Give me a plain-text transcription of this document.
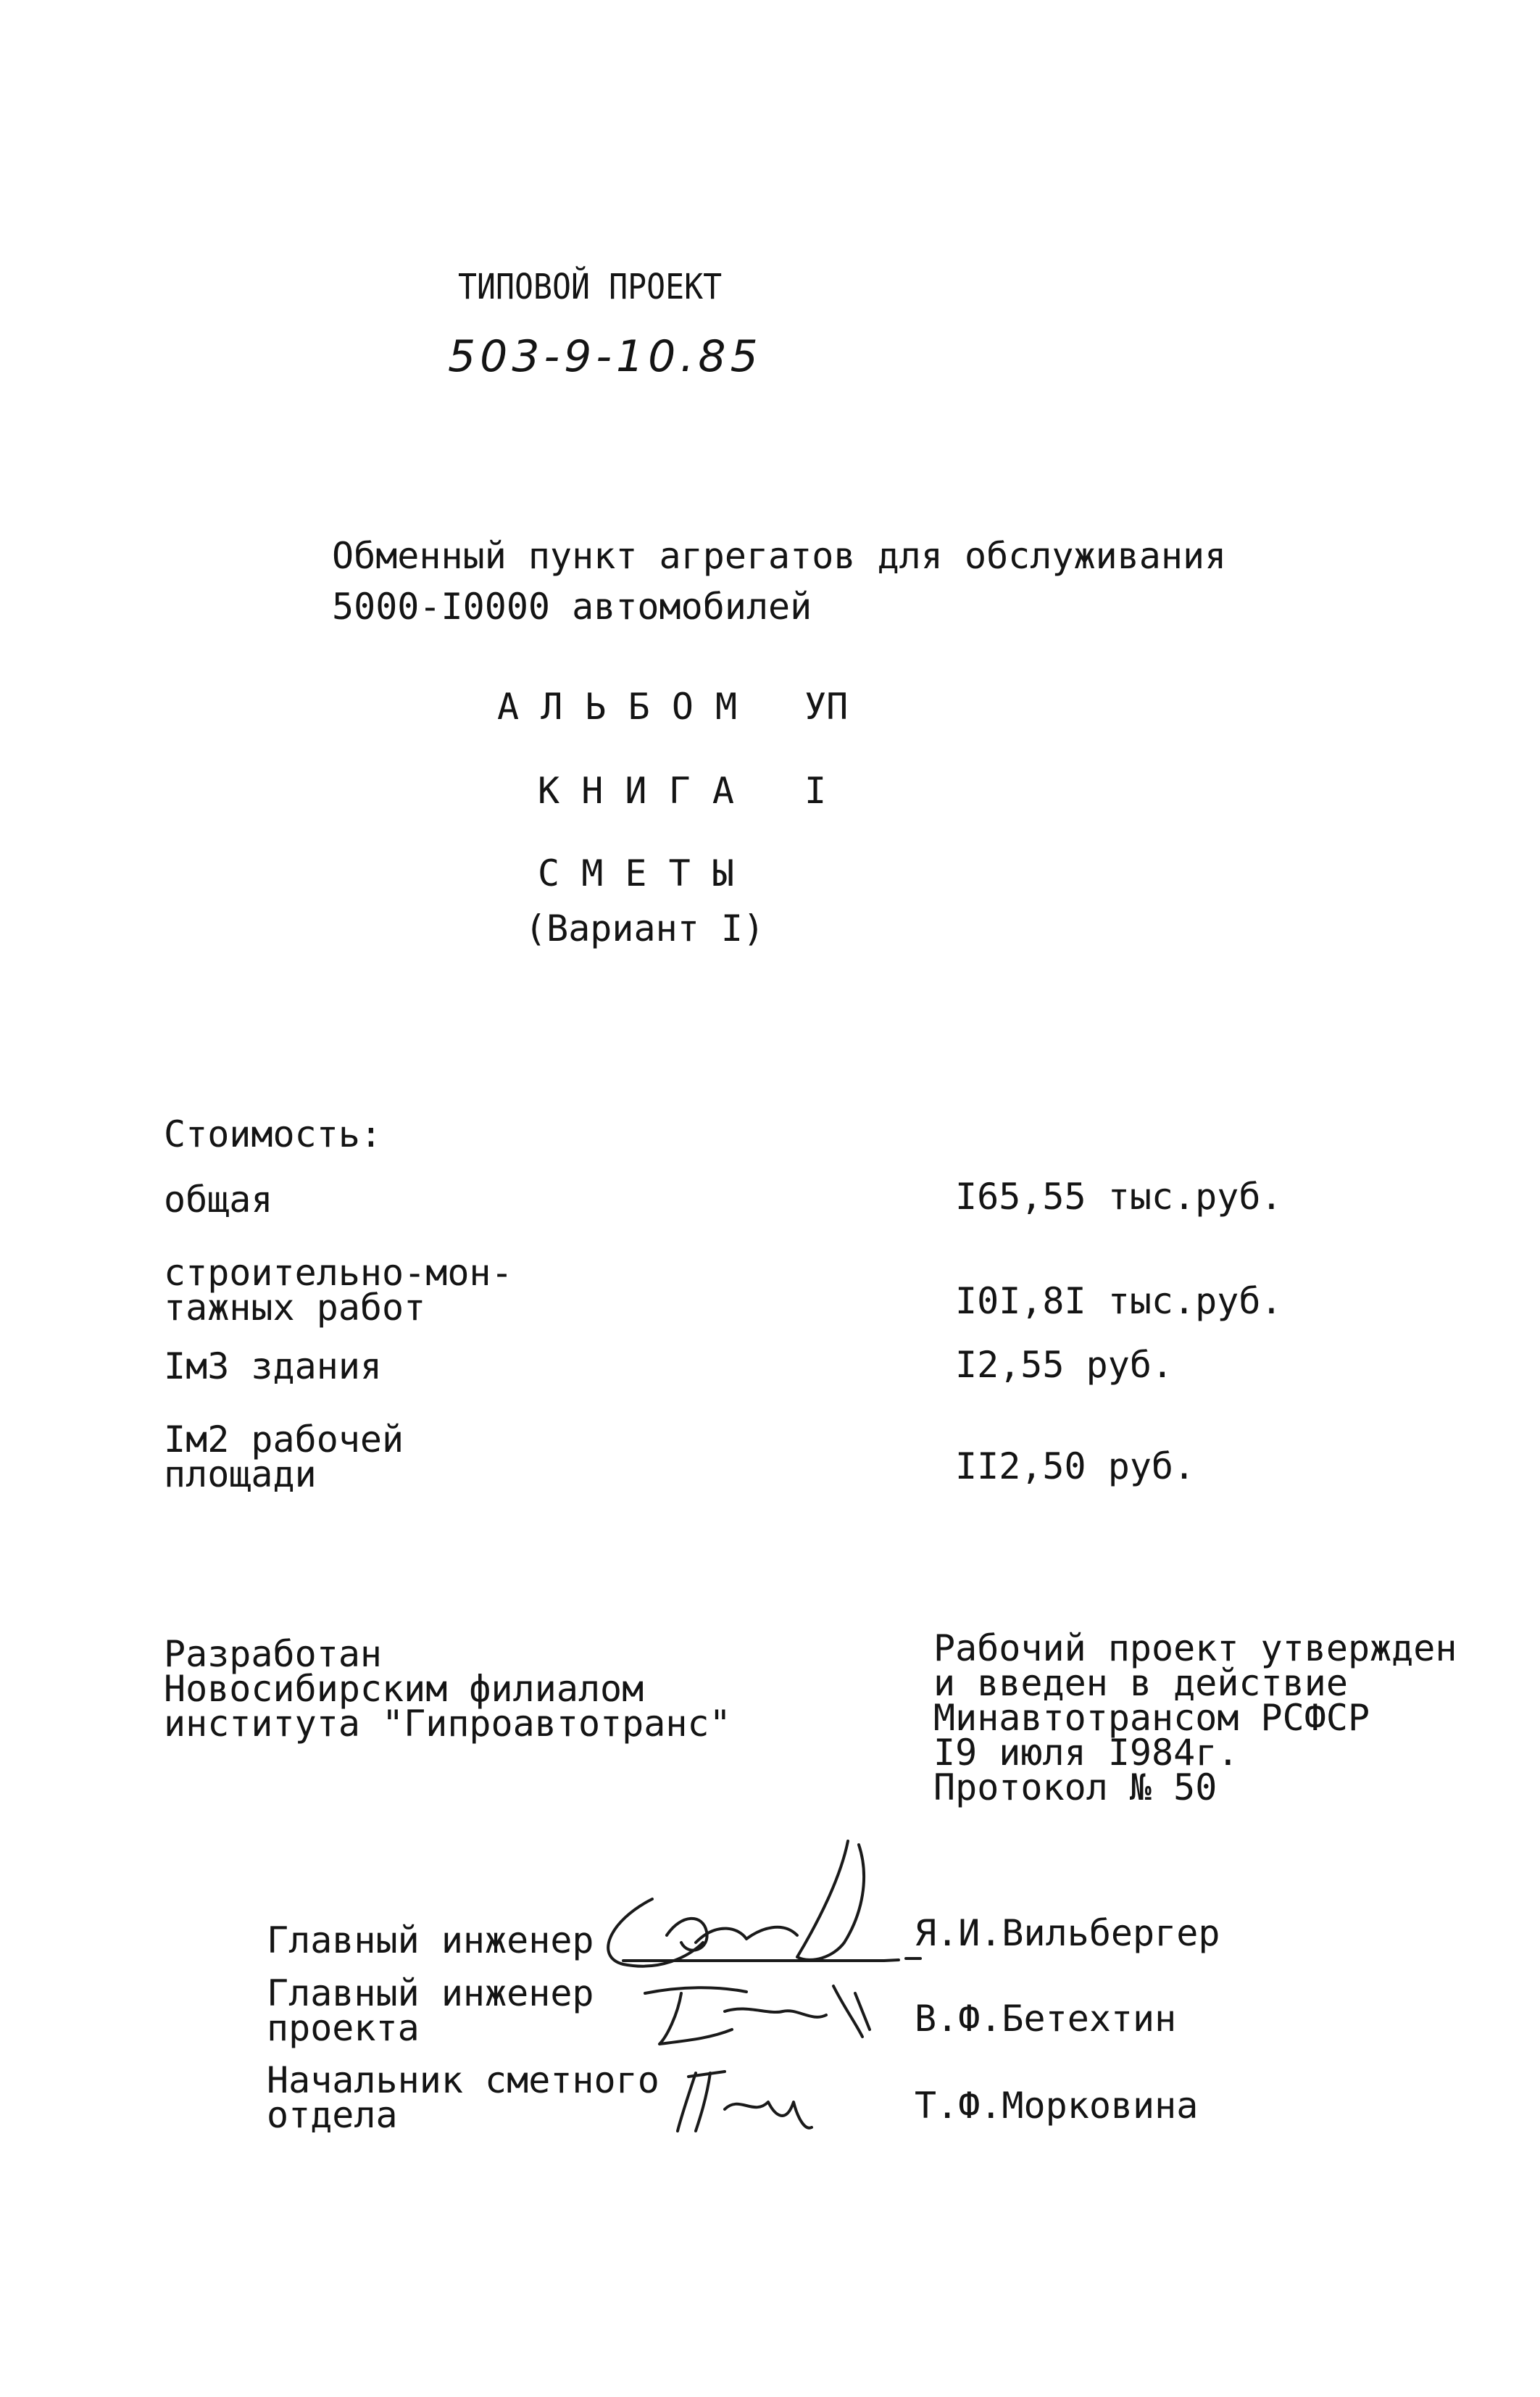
ТИПОВОЙ ПРОЕКТ
503-9-10.85
Обменный пункт агрегатов для обслуживания
5000-I0000 автомобилей
А Л Ь Б О М УП
К Н И Г А I
С М Е Т Ы
(Вариант I)
Стоимость:
общая	I65,55 тыс.руб.
строительно-мон-
тажных работ	I0I,8I тыс.руб.
Iм3 здания	I2,55 руб.
Iм2 рабочей
площади	II2,50 руб.
Разработан
Новосибирским филиалом
института "Гипроавтотранс"
Рабочий проект утвержден
и введен в действие
Минавтотрансом РСФСР
I9 июля I984г.
Протокол № 50
Главный инженер	Я.И.Вильбергер
Главный инженер
проекта	В.Ф.Бетехтин
Начальник сметного
отдела	Т.Ф.Морковина
